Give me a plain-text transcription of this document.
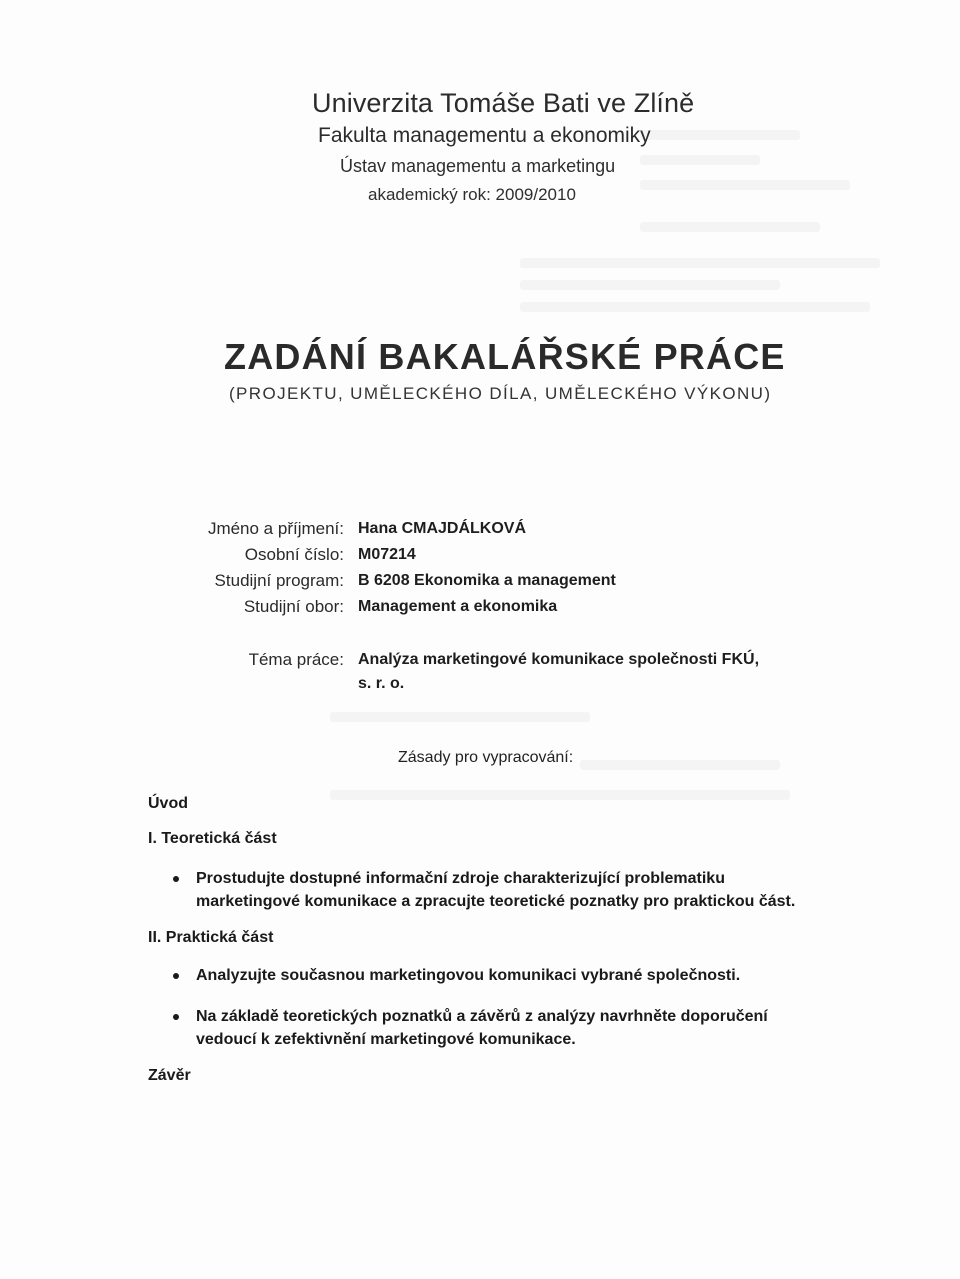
Univerzita Tomáše Bati ve Zlíně
Fakulta managementu a ekonomiky
Ústav managementu a marketingu
akademický rok: 2009/2010
ZADÁNÍ BAKALÁŘSKÉ PRÁCE
(PROJEKTU, UMĚLECKÉHO DÍLA, UMĚLECKÉHO VÝKONU)
Jméno a příjmení: Hana CMAJDÁLKOVÁ
Osobní číslo: M07214
Studijní program: B 6208 Ekonomika a management
Studijní obor: Management a ekonomika
Téma práce: Analýza marketingové komunikace společnosti FKÚ,
s. r. o.
Zásady pro vypracování:
Úvod
I. Teoretická část
Prostudujte dostupné informační zdroje charakterizující problematiku
marketingové komunikace a zpracujte teoretické poznatky pro praktickou část.
II. Praktická část
Analyzujte současnou marketingovou komunikaci vybrané společnosti.
Na základě teoretických poznatků a závěrů z analýzy navrhněte doporučení
vedoucí k zefektivnění marketingové komunikace.
Závěr
